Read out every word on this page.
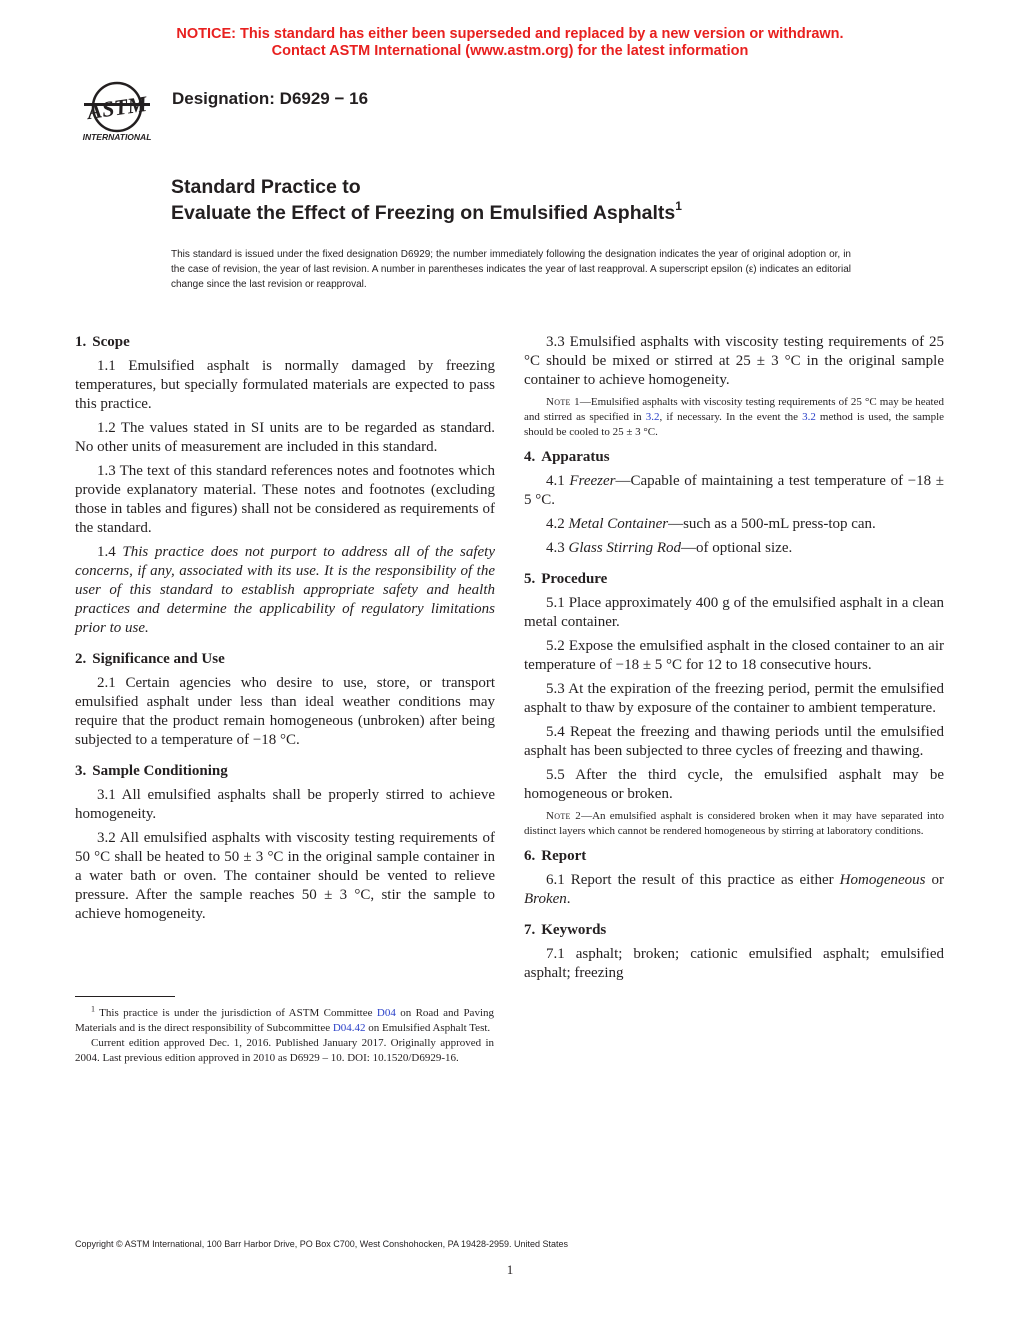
NOTICE: This standard has either been superseded and replaced by a new version or withdrawn.
Contact ASTM International (www.astm.org) for the latest information
ASTM
INTERNATIONAL
Designation: D6929 − 16
Standard Practice to
Evaluate the Effect of Freezing on Emulsified Asphalts$^1$
This standard is issued under the fixed designation D6929; the number immediately following the designation indicates the year of original adoption or, in the case of revision, the year of last revision. A number in parentheses indicates the year of last reapproval. A superscript epsilon (ε) indicates an editorial change since the last revision or reapproval.
1. Scope

1.1 Emulsified asphalt is normally damaged by freezing temperatures, but specially formulated materials are expected to pass this practice.

1.2 The values stated in SI units are to be regarded as standard. No other units of measurement are included in this standard.

1.3 The text of this standard references notes and footnotes which provide explanatory material. These notes and footnotes (excluding those in tables and figures) shall not be considered as requirements of the standard.

1.4 This practice does not purport to address all of the safety concerns, if any, associated with its use. It is the responsibility of the user of this standard to establish appropriate safety and health practices and determine the applicability of regulatory limitations prior to use.

2. Significance and Use

2.1 Certain agencies who desire to use, store, or transport emulsified asphalt under less than ideal weather conditions may require that the product remain homogeneous (unbroken) after being subjected to a temperature of −18 °C.

3. Sample Conditioning

3.1 All emulsified asphalts shall be properly stirred to achieve homogeneity.

3.2 All emulsified asphalts with viscosity testing requirements of 50 °C shall be heated to 50 ± 3 °C in the original sample container in a water bath or oven. The container should be vented to relieve pressure. After the sample reaches 50 ± 3 °C, stir the sample to achieve homogeneity.

3.3 Emulsified asphalts with viscosity testing requirements of 25 °C should be mixed or stirred at 25 ± 3 °C in the original sample container to achieve homogeneity.

Note 1—Emulsified asphalts with viscosity testing requirements of 25 °C may be heated and stirred as specified in 3.2, if necessary. In the event the 3.2 method is used, the sample should be cooled to 25 ± 3 °C.

4. Apparatus

4.1 Freezer—Capable of maintaining a test temperature of −18 ± 5 °C.

4.2 Metal Container—such as a 500-mL press-top can.

4.3 Glass Stirring Rod—of optional size.

5. Procedure

5.1 Place approximately 400 g of the emulsified asphalt in a clean metal container.

5.2 Expose the emulsified asphalt in the closed container to an air temperature of −18 ± 5 °C for 12 to 18 consecutive hours.

5.3 At the expiration of the freezing period, permit the emulsified asphalt to thaw by exposure of the container to ambient temperature.

5.4 Repeat the freezing and thawing periods until the emulsified asphalt has been subjected to three cycles of freezing and thawing.

5.5 After the third cycle, the emulsified asphalt may be homogeneous or broken.

Note 2—An emulsified asphalt is considered broken when it may have separated into distinct layers which cannot be rendered homogeneous by stirring at laboratory conditions.

6. Report

6.1 Report the result of this practice as either Homogeneous or Broken.

7. Keywords

7.1 asphalt; broken; cationic emulsified asphalt; emulsified asphalt; freezing

$^1$ This practice is under the jurisdiction of ASTM Committee D04 on Road and Paving Materials and is the direct responsibility of Subcommittee D04.42 on Emulsified Asphalt Test.

Current edition approved Dec. 1, 2016. Published January 2017. Originally approved in 2004. Last previous edition approved in 2010 as D6929 – 10. DOI: 10.1520/D6929-16.

Copyright © ASTM International, 100 Barr Harbor Drive, PO Box C700, West Conshohocken, PA 19428-2959. United States
1
